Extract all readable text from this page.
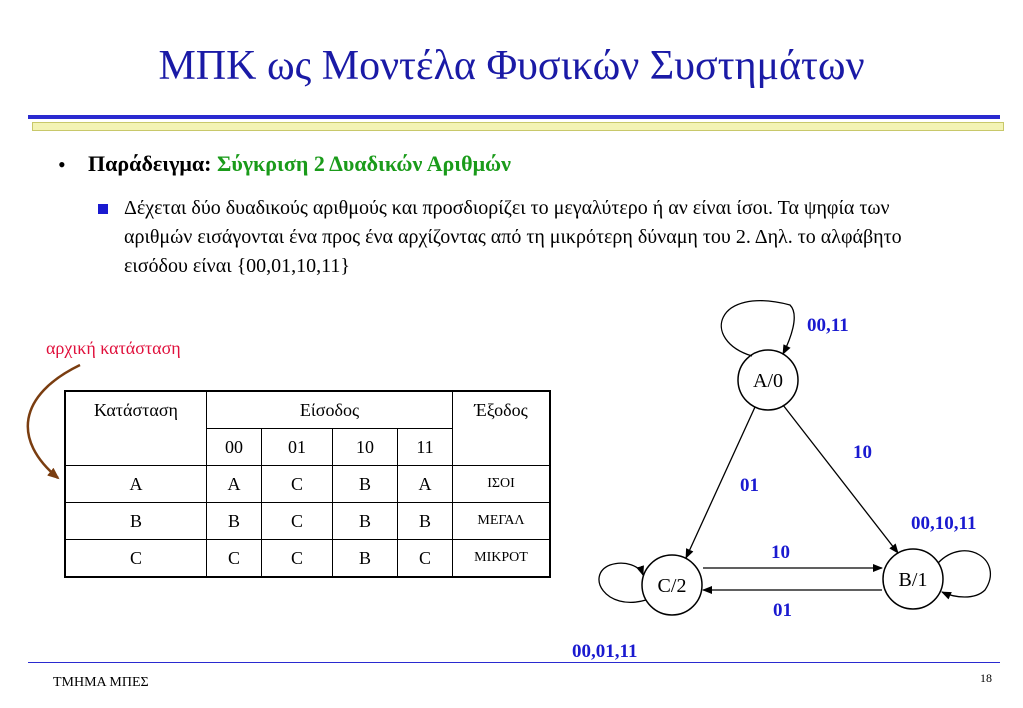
ΜΠΚ ως Μοντέλα Φυσικών Συστημάτων
• Παράδειγμα: Σύγκριση 2 Δυαδικών Αριθμών
Δέχεται δύο δυαδικούς αριθμούς και προσδιορίζει το μεγαλύτερο ή αν είναι ίσοι. Τα ψηφία των αριθμών εισάγονται ένα προς ένα αρχίζοντας από τη μικρότερη δύναμη του 2. Δηλ. το αλφάβητο εισόδου είναι {00,01,10,11}
αρχική κατάσταση
A/0
C/2	B/1
00,11
10
01
00,10,11
10
01
00,01,11
Κατάσταση	Είσοδος				Έξοδος
	00	01	10	11	
A	A	C	B	A	ΙΣΟΙ
B	B	C	B	B	ΜΕΓΑΛ
C	C	C	B	C	ΜΙΚΡΟΤ
ΤΜΗΜΑ ΜΠΕΣ	18
